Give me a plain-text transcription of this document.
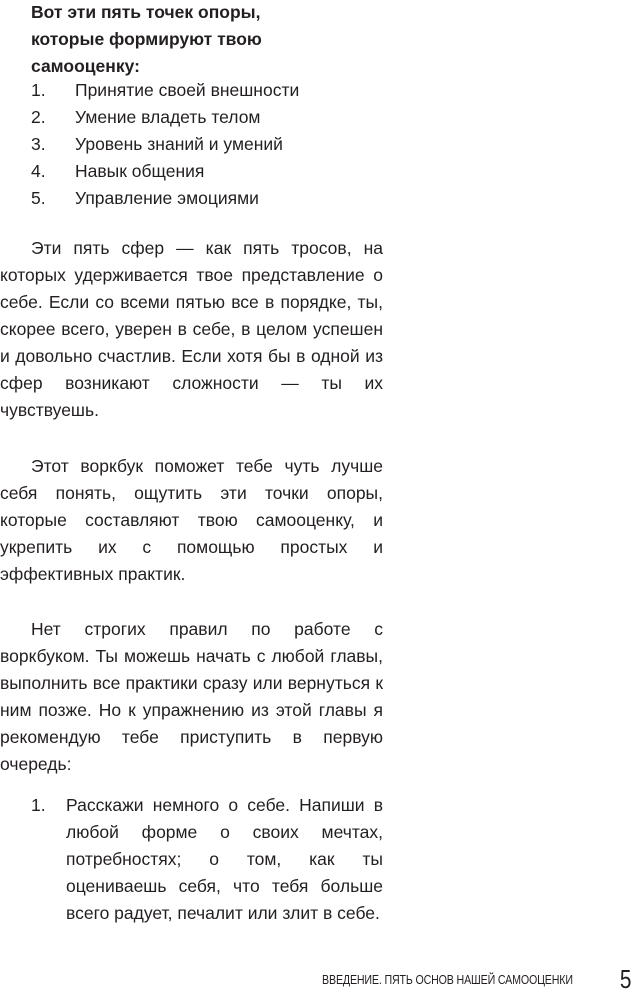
Вот эти пять точек опоры,
которые формируют твою
самооценку:
1. Принятие своей внешности
2. Умение владеть телом
3. Уровень знаний и умений
4. Навык общения
5. Управление эмоциями

Эти пять сфер — как пять тросов, на которых удерживается твое представление о себе. Если со всеми пятью все в порядке, ты, скорее всего, уверен в себе, в целом успешен и довольно счастлив. Если хотя бы в одной из сфер возникают сложности — ты их чувствуешь.

Этот воркбук поможет тебе чуть лучше себя понять, ощутить эти точки опоры, которые составляют твою самооценку, и укрепить их с помощью простых и эффективных практик.

Нет строгих правил по работе с воркбуком. Ты можешь начать с любой главы, выполнить все практики сразу или вернуться к ним позже. Но к упражнению из этой главы я рекомендую тебе приступить в первую очередь:

1. Расскажи немного о себе. Напиши в любой форме о своих мечтах, потребностях; о том, как ты оцениваешь себя, что тебя больше всего радует, печалит или злит в себе.
ВВЕДЕНИЕ. ПЯТЬ ОСНОВ НАШЕЙ САМООЦЕНКИ 5
